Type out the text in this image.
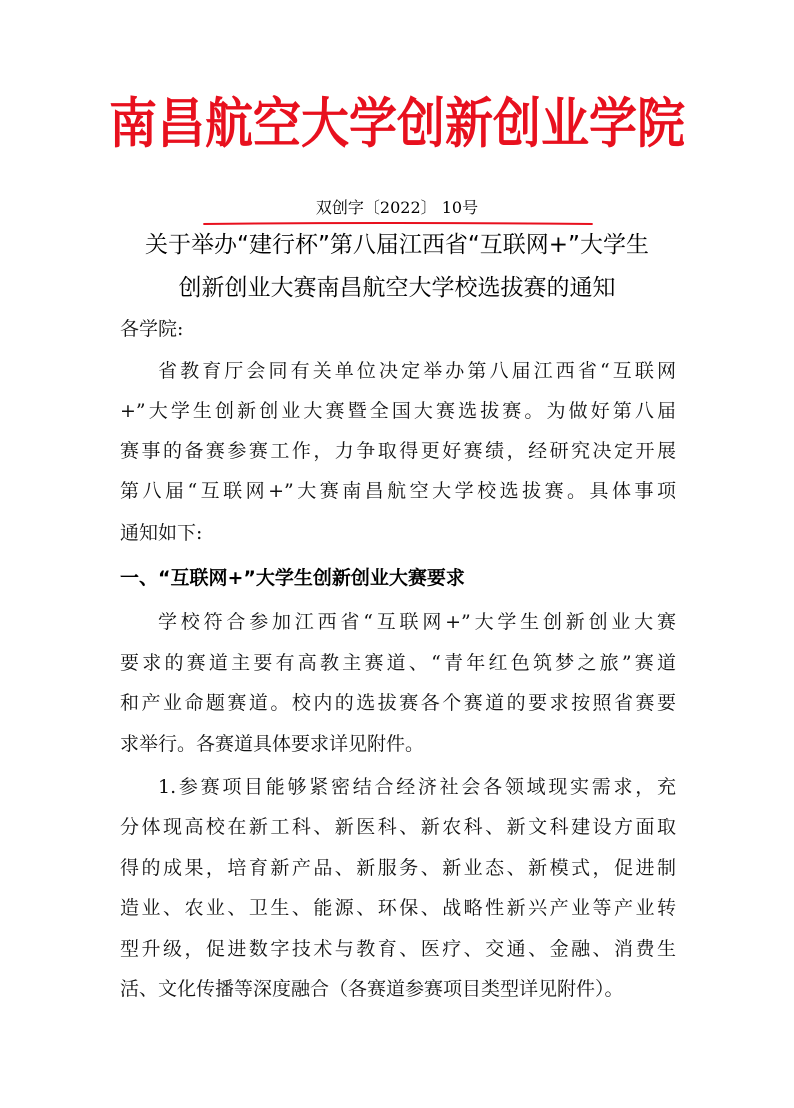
南昌航空大学创新创业学院
双创字〔2022〕 10号
关于举办“建行杯”第八届江西省“互联网+”大学生
创新创业大赛南昌航空大学校选拔赛的通知
各学院:
省教育厅会同有关单位决定举办第八届江西省“互联网
+”大学生创新创业大赛暨全国大赛选拔赛。为做好第八届
赛事的备赛参赛工作，力争取得更好赛绩，经研究决定开展
第八届“互联网+”大赛南昌航空大学校选拔赛。具体事项
通知如下:
一、“互联网+”大学生创新创业大赛要求
学校符合参加江西省“互联网+”大学生创新创业大赛
要求的赛道主要有高教主赛道、“青年红色筑梦之旅”赛道
和产业命题赛道。校内的选拔赛各个赛道的要求按照省赛要
求举行。各赛道具体要求详见附件。
1.参赛项目能够紧密结合经济社会各领域现实需求，充
分体现高校在新工科、新医科、新农科、新文科建设方面取
得的成果，培育新产品、新服务、新业态、新模式，促进制
造业、农业、卫生、能源、环保、战略性新兴产业等产业转
型升级，促进数字技术与教育、医疗、交通、金融、消费生
活、文化传播等深度融合（各赛道参赛项目类型详见附件）。
